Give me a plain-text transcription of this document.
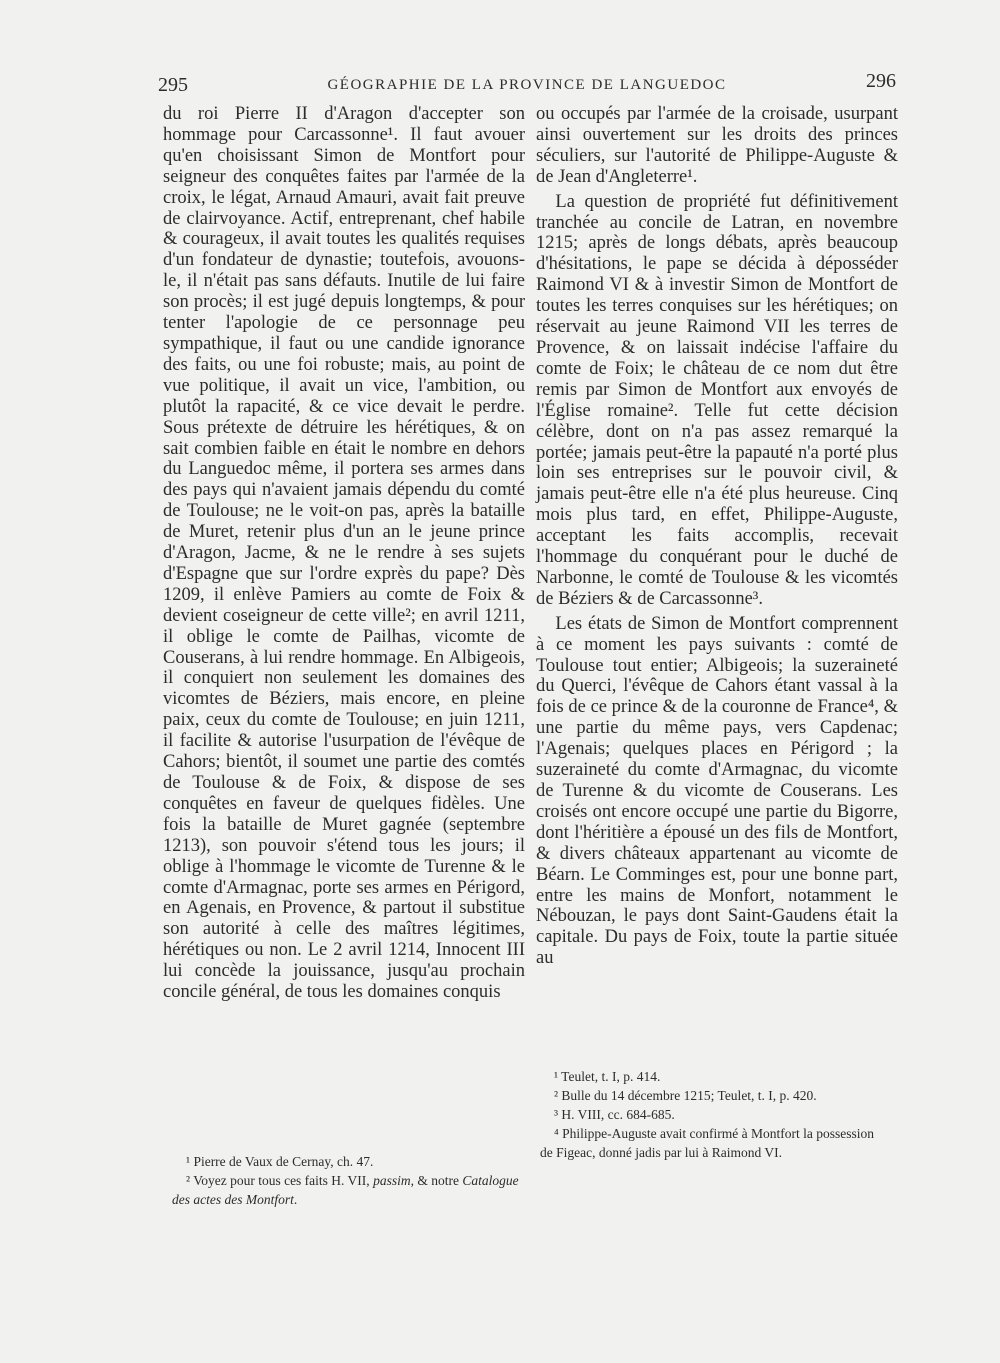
295	GÉOGRAPHIE DE LA PROVINCE DE LANGUEDOC	296

du roi Pierre II d'Aragon d'accepter son hommage pour Carcassonne¹. Il faut avouer qu'en choisissant Simon de Montfort pour seigneur des conquêtes faites par l'armée de la croix, le légat, Arnaud Amauri, avait fait preuve de clairvoyance. Actif, entreprenant, chef habile & courageux, il avait toutes les qualités requises d'un fondateur de dynastie; toutefois, avouons-le, il n'était pas sans défauts. Inutile de lui faire son procès; il est jugé depuis longtemps, & pour tenter l'apologie de ce personnage peu sympathique, il faut ou une candide ignorance des faits, ou une foi robuste; mais, au point de vue politique, il avait un vice, l'ambition, ou plutôt la rapacité, & ce vice devait le perdre. Sous prétexte de détruire les hérétiques, & on sait combien faible en était le nombre en dehors du Languedoc même, il portera ses armes dans des pays qui n'avaient jamais dépendu du comté de Toulouse; ne le voit-on pas, après la bataille de Muret, retenir plus d'un an le jeune prince d'Aragon, Jacme, & ne le rendre à ses sujets d'Espagne que sur l'ordre exprès du pape? Dès 1209, il enlève Pamiers au comte de Foix & devient coseigneur de cette ville²; en avril 1211, il oblige le comte de Pailhas, vicomte de Couserans, à lui rendre hommage. En Albigeois, il conquiert non seulement les domaines des vicomtes de Béziers, mais encore, en pleine paix, ceux du comte de Toulouse; en juin 1211, il facilite & autorise l'usurpation de l'évêque de Cahors; bientôt, il soumet une partie des comtés de Toulouse & de Foix, & dispose de ses conquêtes en faveur de quelques fidèles. Une fois la bataille de Muret gagnée (septembre 1213), son pouvoir s'étend tous les jours; il oblige à l'hommage le vicomte de Turenne & le comte d'Armagnac, porte ses armes en Périgord, en Agenais, en Provence, & partout il substitue son autorité à celle des maîtres légitimes, hérétiques ou non. Le 2 avril 1214, Innocent III lui concède la jouissance, jusqu'au prochain concile général, de tous les domaines conquis

ou occupés par l'armée de la croisade, usurpant ainsi ouvertement sur les droits des princes séculiers, sur l'autorité de Philippe-Auguste & de Jean d'Angleterre¹.

La question de propriété fut définitivement tranchée au concile de Latran, en novembre 1215; après de longs débats, après beaucoup d'hésitations, le pape se décida à déposséder Raimond VI & à investir Simon de Montfort de toutes les terres conquises sur les hérétiques; on réservait au jeune Raimond VII les terres de Provence, & on laissait indécise l'affaire du comte de Foix; le château de ce nom dut être remis par Simon de Montfort aux envoyés de l'Église romaine². Telle fut cette décision célèbre, dont on n'a pas assez remarqué la portée; jamais peut-être la papauté n'a porté plus loin ses entreprises sur le pouvoir civil, & jamais peut-être elle n'a été plus heureuse. Cinq mois plus tard, en effet, Philippe-Auguste, acceptant les faits accomplis, recevait l'hommage du conquérant pour le duché de Narbonne, le comté de Toulouse & les vicomtés de Béziers & de Carcassonne³.

Les états de Simon de Montfort comprennent à ce moment les pays suivants : comté de Toulouse tout entier; Albigeois; la suzeraineté du Querci, l'évêque de Cahors étant vassal à la fois de ce prince & de la couronne de France⁴, & une partie du même pays, vers Capdenac; l'Agenais; quelques places en Périgord ; la suzeraineté du comte d'Armagnac, du vicomte de Turenne & du vicomte de Couserans. Les croisés ont encore occupé une partie du Bigorre, dont l'héritière a épousé un des fils de Montfort, & divers châteaux appartenant au vicomte de Béarn. Le Comminges est, pour une bonne part, entre les mains de Monfort, notamment le Nébouzan, le pays dont Saint-Gaudens était la capitale. Du pays de Foix, toute la partie située au

¹ Pierre de Vaux de Cernay, ch. 47.

² Voyez pour tous ces faits H. VII, passim, & notre Catalogue des actes des Montfort.

¹ Teulet, t. I, p. 414.

² Bulle du 14 décembre 1215; Teulet, t. I, p. 420.

³ H. VIII, cc. 684-685.

⁴ Philippe-Auguste avait confirmé à Montfort la possession de Figeac, donné jadis par lui à Raimond VI.
